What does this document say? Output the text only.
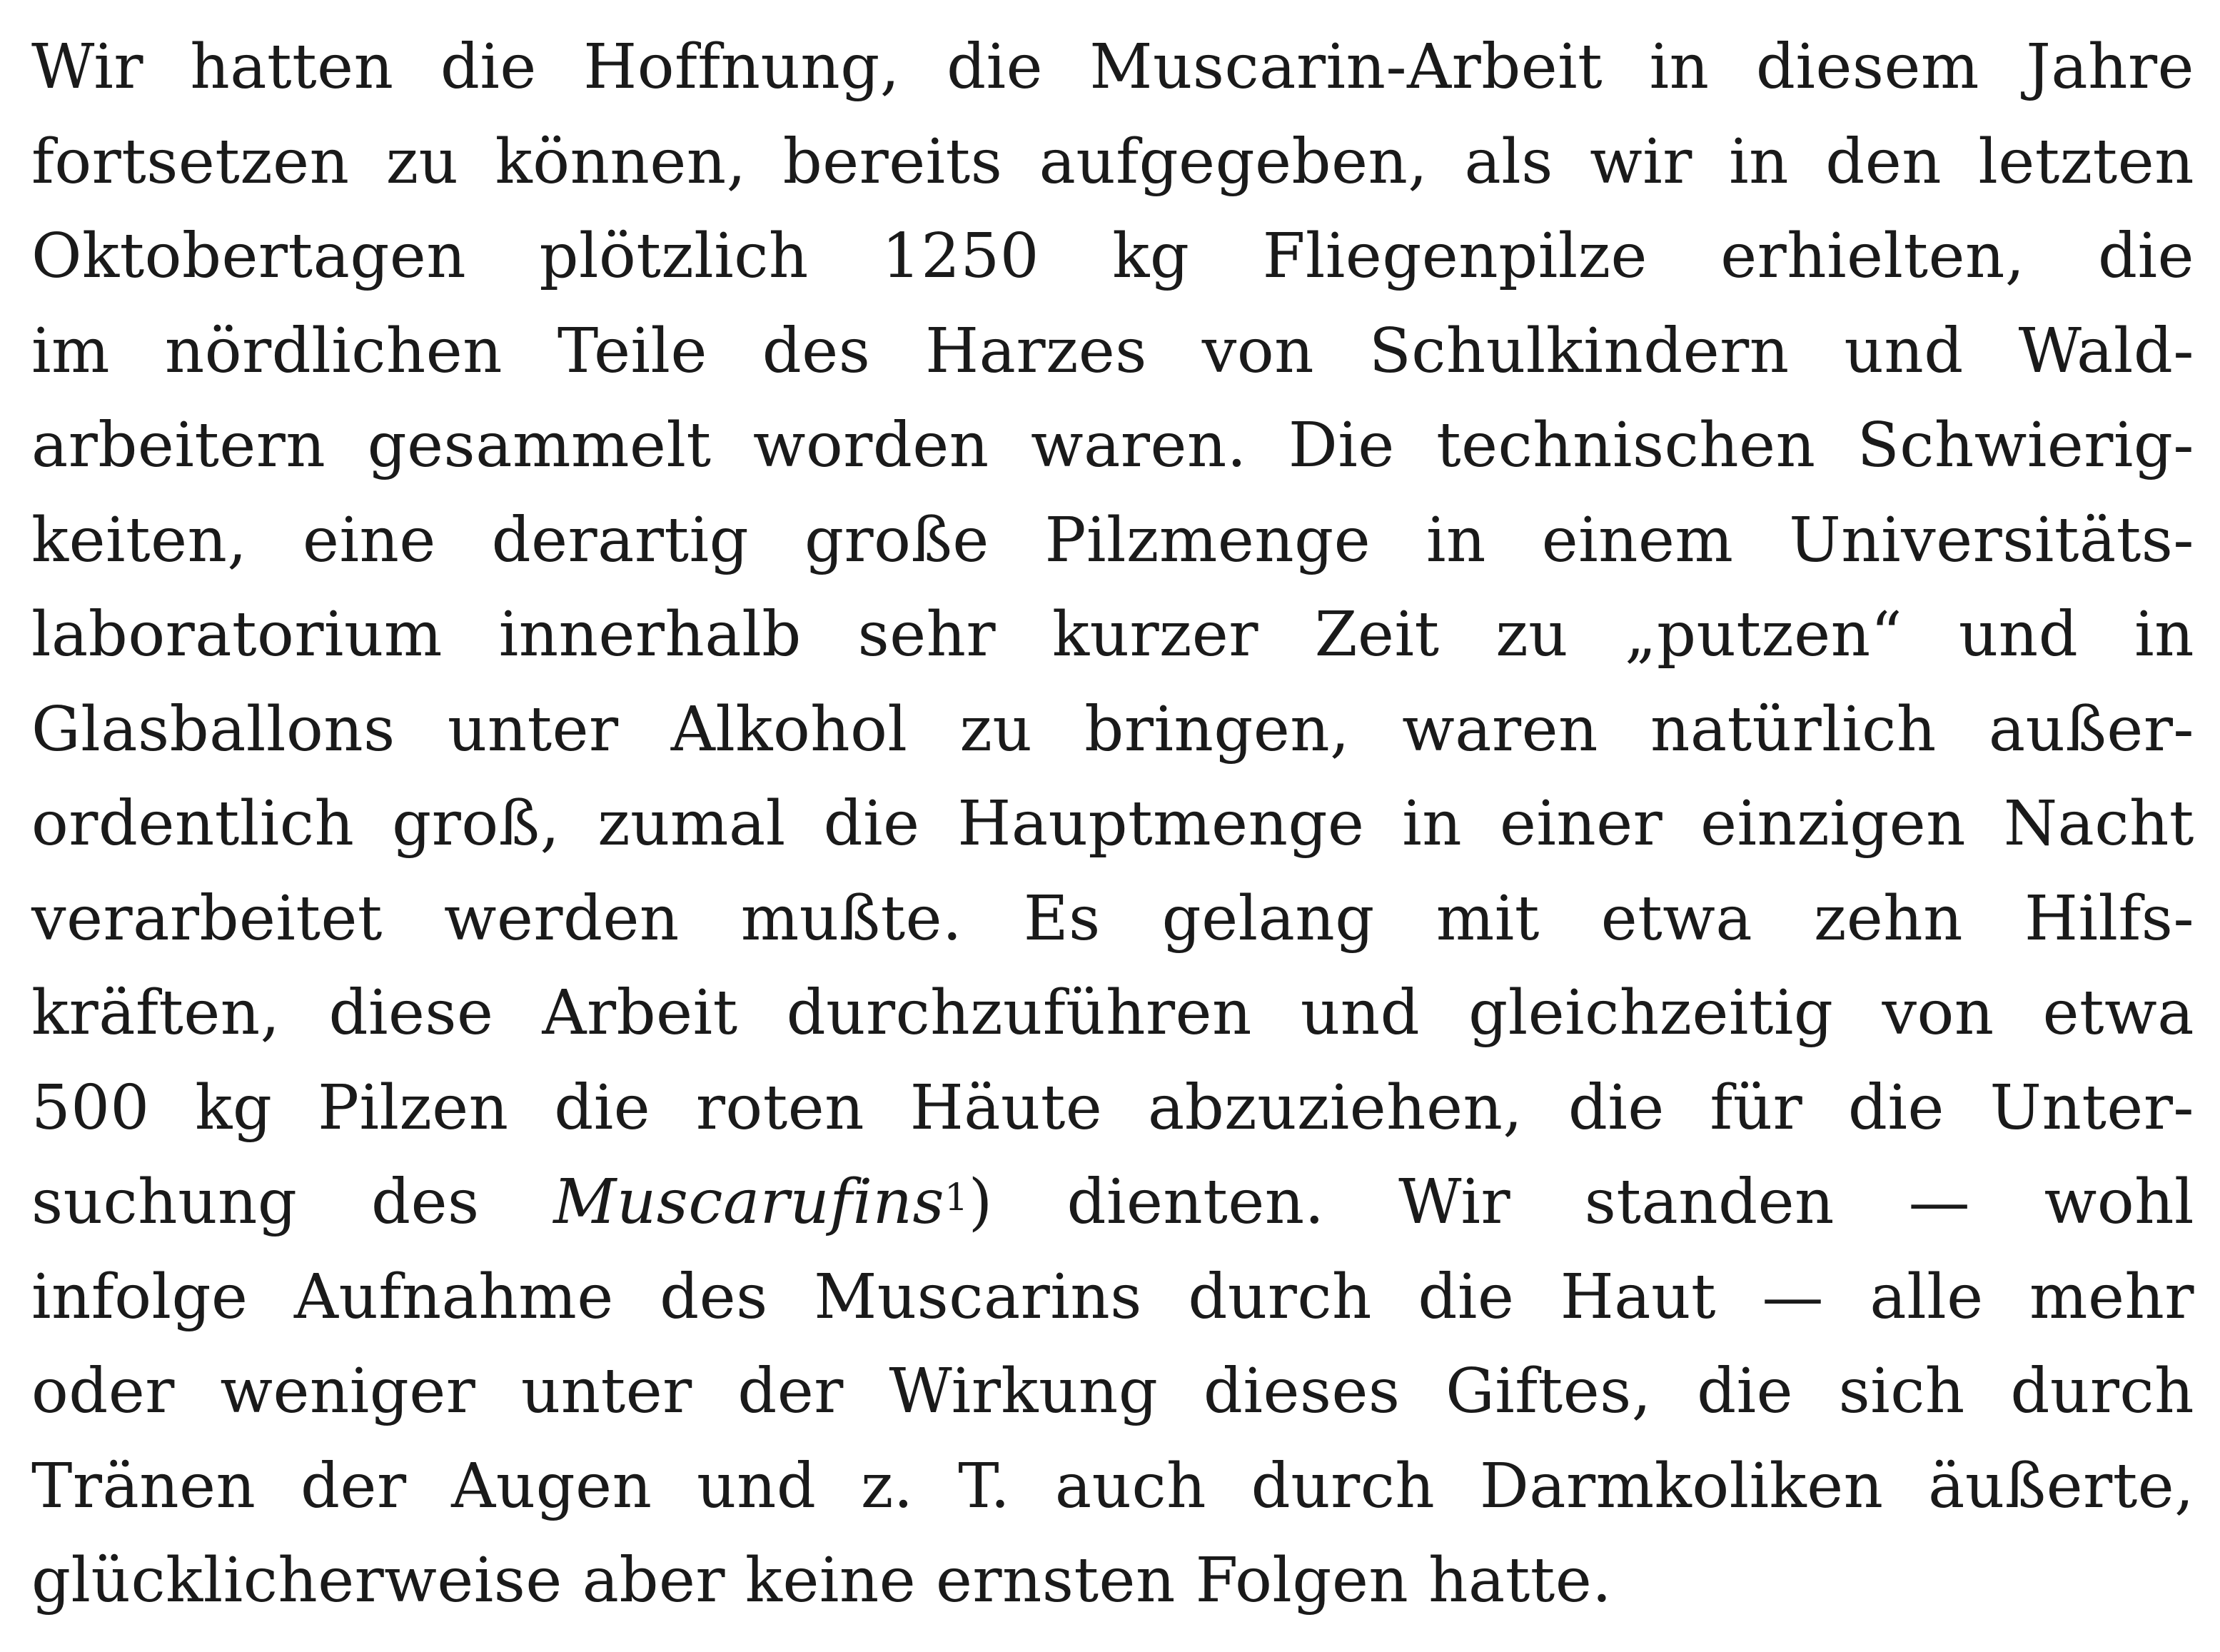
Wir hatten die Hoffnung, die Muscarin-Arbeit in diesem Jahre
fortsetzen zu können, bereits aufgegeben, als wir in den letzten
Oktobertagen plötzlich 1250 kg Fliegenpilze erhielten, die
im nördlichen Teile des Harzes von Schulkindern und Wald-
arbeitern gesammelt worden waren. Die technischen Schwierig-
keiten, eine derartig große Pilzmenge in einem Universitäts-
laboratorium innerhalb sehr kurzer Zeit zu „putzen“ und in
Glasballons unter Alkohol zu bringen, waren natürlich außer-
ordentlich groß, zumal die Hauptmenge in einer einzigen Nacht
verarbeitet werden mußte. Es gelang mit etwa zehn Hilfs-
kräften, diese Arbeit durchzuführen und gleichzeitig von etwa
500 kg Pilzen die roten Häute abzuziehen, die für die Unter-
suchung des Muscarufins$^1$) dienten. Wir standen — wohl
infolge Aufnahme des Muscarins durch die Haut — alle mehr
oder weniger unter der Wirkung dieses Giftes, die sich durch
Tränen der Augen und z. T. auch durch Darmkoliken äußerte,
glücklicherweise aber keine ernsten Folgen hatte.
